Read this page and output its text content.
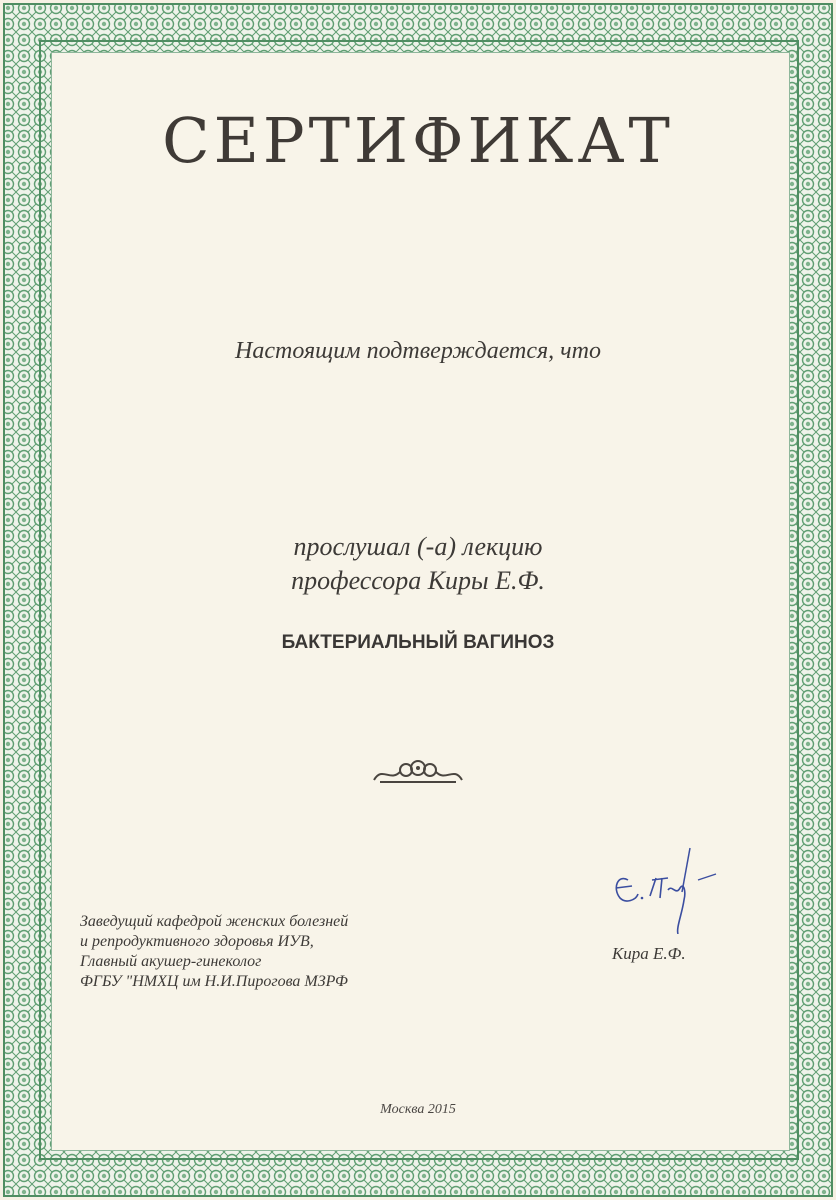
СЕРТИФИКАТ
Настоящим подтверждается, что
прослушал (-а) лекцию
профессора Киры Е.Ф.
БАКТЕРИАЛЬНЫЙ ВАГИНОЗ
Заведущий кафедрой женских болезней
и репродуктивного здоровья ИУВ,
Главный акушер-гинеколог
ФГБУ "НМХЦ им Н.И.Пирогова МЗРФ
Кира Е.Ф.
Москва 2015
